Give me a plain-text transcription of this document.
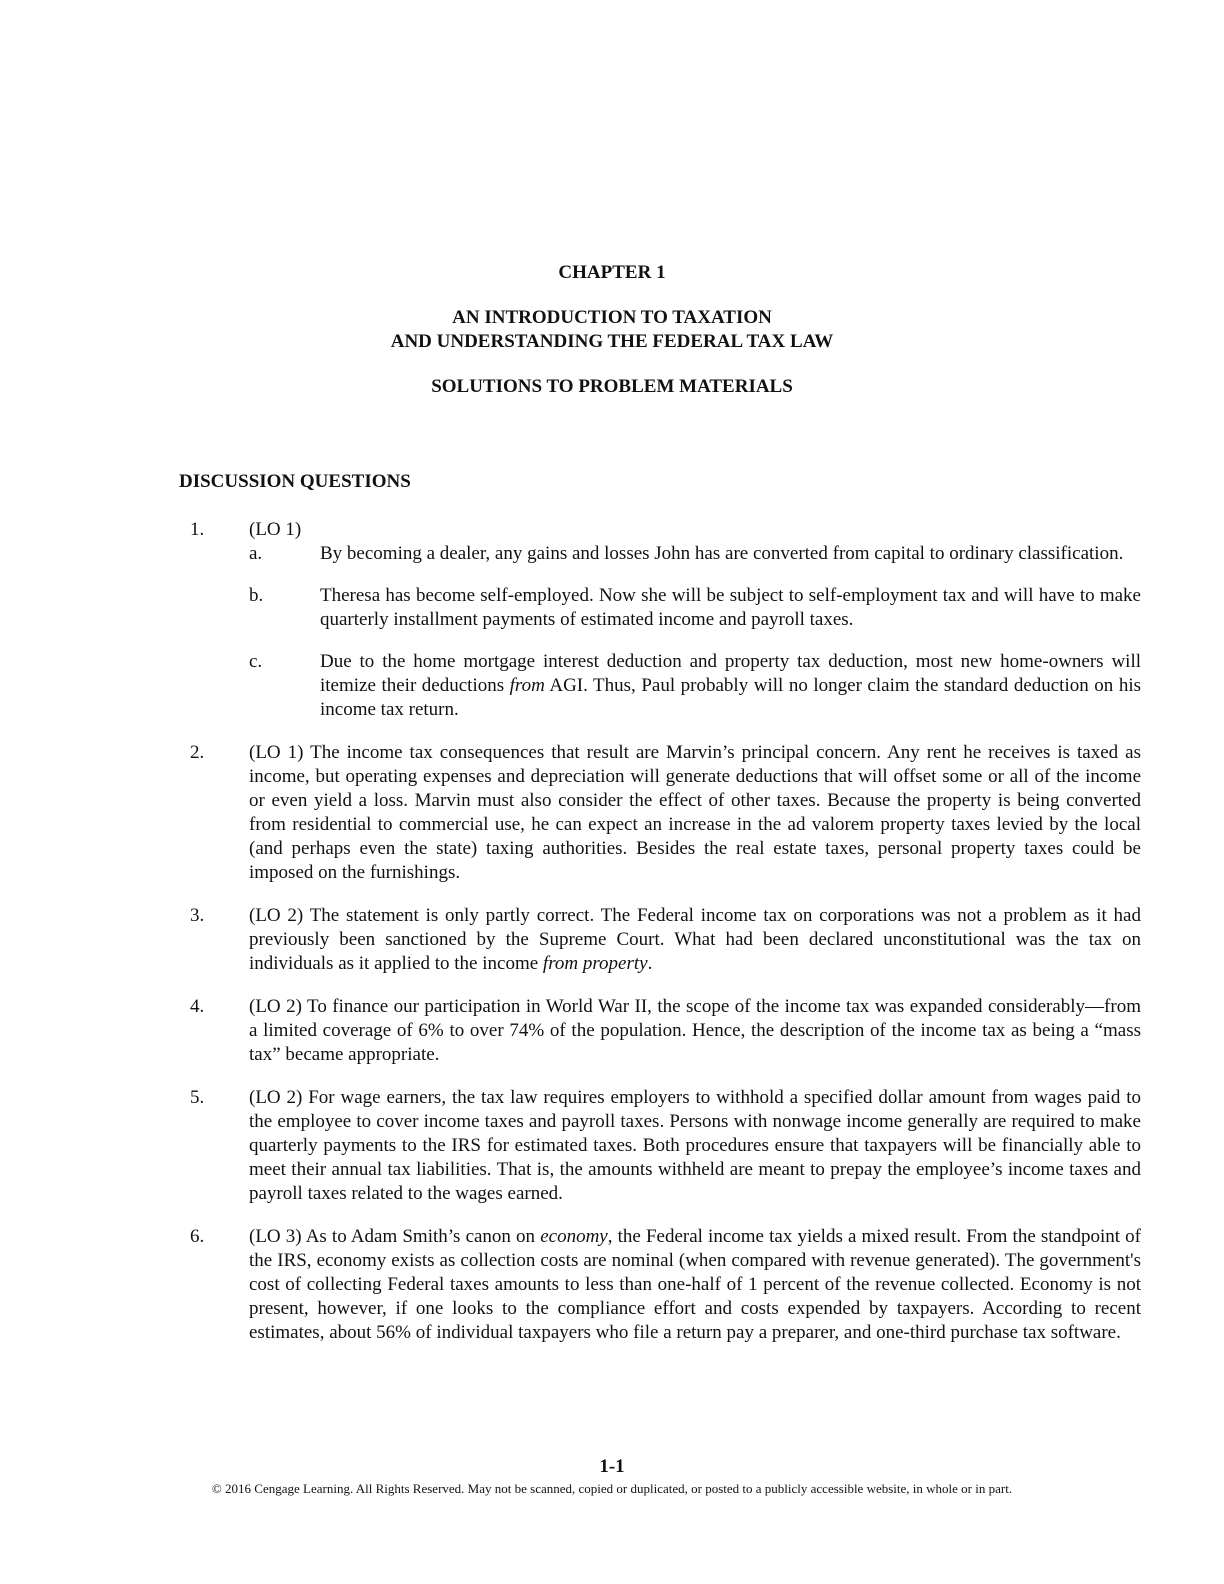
CHAPTER 1
AN INTRODUCTION TO TAXATION
AND UNDERSTANDING THE FEDERAL TAX LAW
SOLUTIONS TO PROBLEM MATERIALS
DISCUSSION QUESTIONS
1. (LO 1)
a.	By becoming a dealer, any gains and losses John has are converted from capital to ordinary classification.
b.	Theresa has become self-employed. Now she will be subject to self-employment tax and will have to make quarterly installment payments of estimated income and payroll taxes.
c.	Due to the home mortgage interest deduction and property tax deduction, most new home-owners will itemize their deductions from AGI. Thus, Paul probably will no longer claim the standard deduction on his income tax return.
2. (LO 1) The income tax consequences that result are Marvin’s principal concern. Any rent he receives is taxed as income, but operating expenses and depreciation will generate deductions that will offset some or all of the income or even yield a loss. Marvin must also consider the effect of other taxes. Because the property is being converted from residential to commercial use, he can expect an increase in the ad valorem property taxes levied by the local (and perhaps even the state) taxing authorities. Besides the real estate taxes, personal property taxes could be imposed on the furnishings.
3. (LO 2) The statement is only partly correct. The Federal income tax on corporations was not a problem as it had previously been sanctioned by the Supreme Court. What had been declared unconstitutional was the tax on individuals as it applied to the income from property.
4. (LO 2) To finance our participation in World War II, the scope of the income tax was expanded considerably—from a limited coverage of 6% to over 74% of the population. Hence, the description of the income tax as being a “mass tax” became appropriate.
5. (LO 2) For wage earners, the tax law requires employers to withhold a specified dollar amount from wages paid to the employee to cover income taxes and payroll taxes. Persons with nonwage income generally are required to make quarterly payments to the IRS for estimated taxes. Both procedures ensure that taxpayers will be financially able to meet their annual tax liabilities. That is, the amounts withheld are meant to prepay the employee’s income taxes and payroll taxes related to the wages earned.
6. (LO 3) As to Adam Smith’s canon on economy, the Federal income tax yields a mixed result. From the standpoint of the IRS, economy exists as collection costs are nominal (when compared with revenue generated). The government's cost of collecting Federal taxes amounts to less than one-half of 1 percent of the revenue collected. Economy is not present, however, if one looks to the compliance effort and costs expended by taxpayers. According to recent estimates, about 56% of individual taxpayers who file a return pay a preparer, and one-third purchase tax software.
1-1
© 2016 Cengage Learning. All Rights Reserved. May not be scanned, copied or duplicated, or posted to a publicly accessible website, in whole or in part.
